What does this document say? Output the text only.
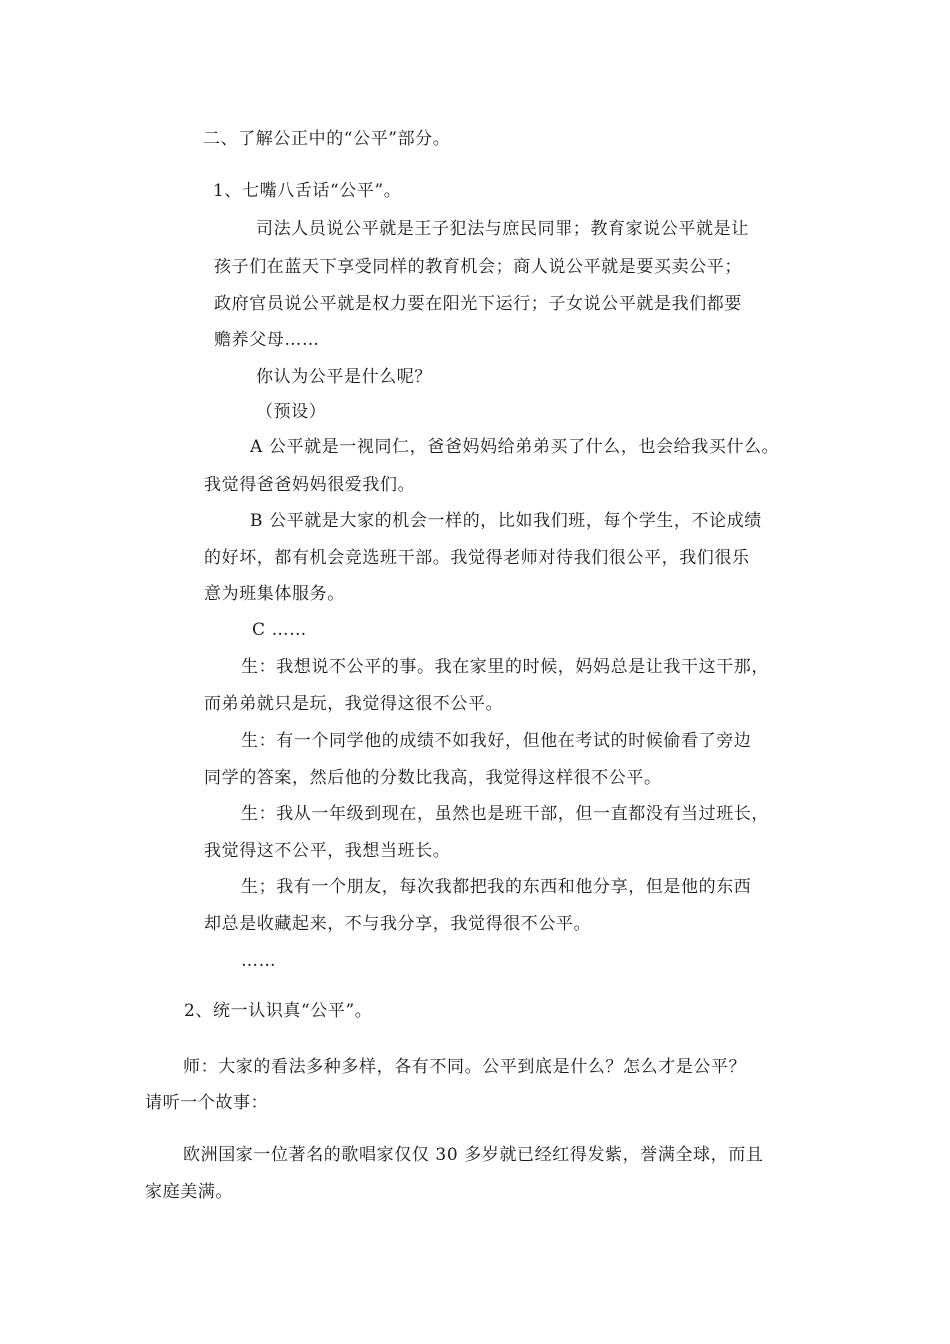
二、了解公正中的“公平”部分。
1、七嘴八舌话“公平”。
司法人员说公平就是王子犯法与庶民同罪；教育家说公平就是让
孩子们在蓝天下享受同样的教育机会；商人说公平就是要买卖公平；
政府官员说公平就是权力要在阳光下运行；子女说公平就是我们都要
赡养父母……
你认为公平是什么呢？
（预设）
A 公平就是一视同仁，爸爸妈妈给弟弟买了什么，也会给我买什么。
我觉得爸爸妈妈很爱我们。
B 公平就是大家的机会一样的，比如我们班，每个学生，不论成绩
的好坏，都有机会竞选班干部。我觉得老师对待我们很公平，我们很乐
意为班集体服务。
C ……
生：我想说不公平的事。我在家里的时候，妈妈总是让我干这干那，
而弟弟就只是玩，我觉得这很不公平。
生：有一个同学他的成绩不如我好，但他在考试的时候偷看了旁边
同学的答案，然后他的分数比我高，我觉得这样很不公平。
生：我从一年级到现在，虽然也是班干部，但一直都没有当过班长，
我觉得这不公平，我想当班长。
生；我有一个朋友，每次我都把我的东西和他分享，但是他的东西
却总是收藏起来，不与我分享，我觉得很不公平。
……
2、统一认识真“公平”。
师：大家的看法多种多样，各有不同。公平到底是什么？怎么才是公平？
请听一个故事：
欧洲国家一位著名的歌唱家仅仅 30 多岁就已经红得发紫，誉满全球，而且
家庭美满。
